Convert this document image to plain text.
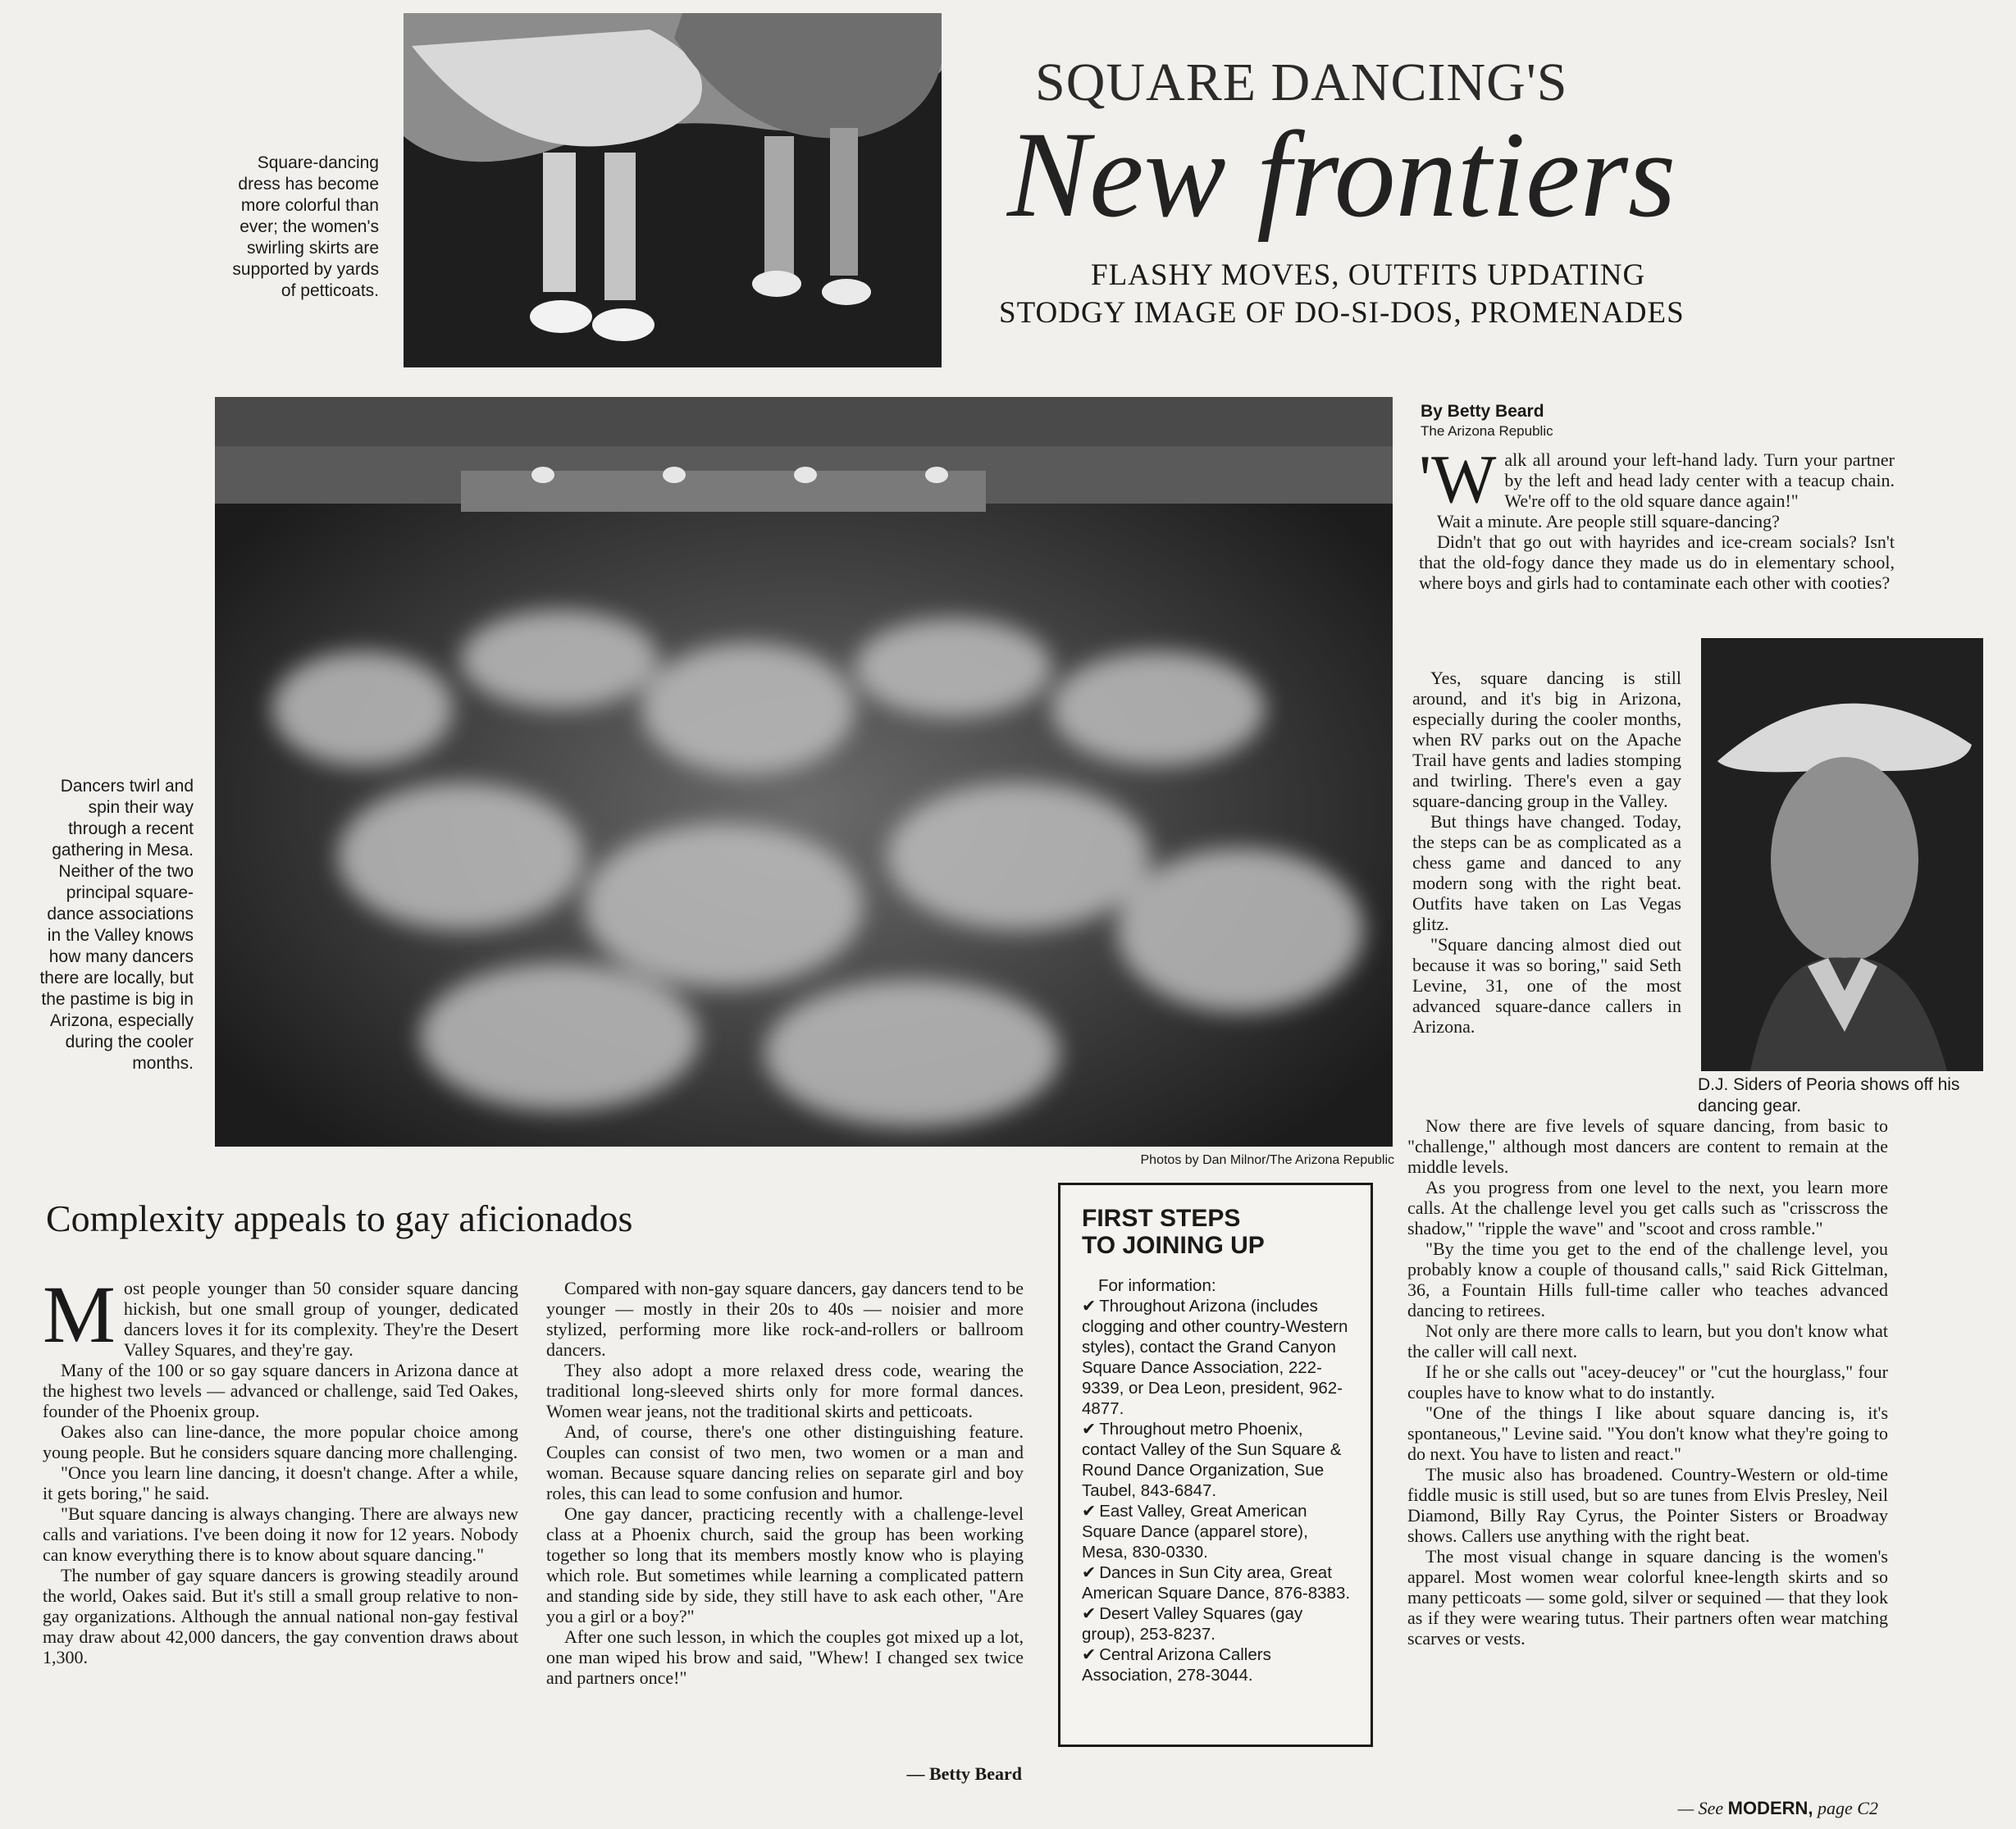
Square-dancing dress has become more colorful than ever; the women's swirling skirts are supported by yards of petticoats.
SQUARE DANCING'S
New frontiers
FLASHY MOVES, OUTFITS UPDATING
STODGY IMAGE OF DO-SI-DOS, PROMENADES
Dancers twirl and spin their way through a recent gathering in Mesa. Neither of the two principal square-dance associations in the Valley knows how many dancers there are locally, but the pastime is big in Arizona, especially during the cooler months.
Photos by Dan Milnor/The Arizona Republic
D.J. Siders of Peoria shows off his dancing gear.
By Betty Beard
The Arizona Republic

'Walk all around your left-hand lady. Turn your partner by the left and head lady center with a teacup chain. We're off to the old square dance again!"

Wait a minute. Are people still square-dancing?

Didn't that go out with hayrides and ice-cream socials? Isn't that the old-fogy dance they made us do in elementary school, where boys and girls had to contaminate each other with cooties?

Yes, square dancing is still around, and it's big in Arizona, especially during the cooler months, when RV parks out on the Apache Trail have gents and ladies stomping and twirling. There's even a gay square-dancing group in the Valley.

But things have changed. Today, the steps can be as complicated as a chess game and danced to any modern song with the right beat. Outfits have taken on Las Vegas glitz.

"Square dancing almost died out because it was so boring," said Seth Levine, 31, one of the most advanced square-dance callers in Arizona.

Now there are five levels of square dancing, from basic to "challenge," although most dancers are content to remain at the middle levels.

As you progress from one level to the next, you learn more calls. At the challenge level you get calls such as "crisscross the shadow," "ripple the wave" and "scoot and cross ramble."

"By the time you get to the end of the challenge level, you probably know a couple of thousand calls," said Rick Gittelman, 36, a Fountain Hills full-time caller who teaches advanced dancing to retirees.

Not only are there more calls to learn, but you don't know what the caller will call next.

If he or she calls out "acey-deucey" or "cut the hourglass," four couples have to know what to do instantly.

"One of the things I like about square dancing is, it's spontaneous," Levine said. "You don't know what they're going to do next. You have to listen and react."

The music also has broadened. Country-Western or old-time fiddle music is still used, but so are tunes from Elvis Presley, Neil Diamond, Billy Ray Cyrus, the Pointer Sisters or Broadway shows. Callers use anything with the right beat.

The most visual change in square dancing is the women's apparel. Most women wear colorful knee-length skirts and so many petticoats — some gold, silver or sequined — that they look as if they were wearing tutus. Their partners often wear matching scarves or vests.

— See MODERN, page C2
Complexity appeals to gay aficionados

Most people younger than 50 consider square dancing hickish, but one small group of younger, dedicated dancers loves it for its complexity. They're the Desert Valley Squares, and they're gay.

Many of the 100 or so gay square dancers in Arizona dance at the highest two levels — advanced or challenge, said Ted Oakes, founder of the Phoenix group.

Oakes also can line-dance, the more popular choice among young people. But he considers square dancing more challenging.

"Once you learn line dancing, it doesn't change. After a while, it gets boring," he said.

"But square dancing is always changing. There are always new calls and variations. I've been doing it now for 12 years. Nobody can know everything there is to know about square dancing."

The number of gay square dancers is growing steadily around the world, Oakes said. But it's still a small group relative to non-gay organizations. Although the annual national non-gay festival may draw about 42,000 dancers, the gay convention draws about 1,300.

Compared with non-gay square dancers, gay dancers tend to be younger — mostly in their 20s to 40s — noisier and more stylized, performing more like rock-and-rollers or ballroom dancers.

They also adopt a more relaxed dress code, wearing the traditional long-sleeved shirts only for more formal dances. Women wear jeans, not the traditional skirts and petticoats.

And, of course, there's one other distinguishing feature. Couples can consist of two men, two women or a man and woman. Because square dancing relies on separate girl and boy roles, this can lead to some confusion and humor.

One gay dancer, practicing recently with a challenge-level class at a Phoenix church, said the group has been working together so long that its members mostly know who is playing which role. But sometimes while learning a complicated pattern and standing side by side, they still have to ask each other, "Are you a girl or a boy?"

After one such lesson, in which the couples got mixed up a lot, one man wiped his brow and said, "Whew! I changed sex twice and partners once!"

— Betty Beard
FIRST STEPS
TO JOINING UP
For information:
✔ Throughout Arizona (includes clogging and other country-Western styles), contact the Grand Canyon Square Dance Association, 222-9339, or Dea Leon, president, 962-4877.
✔ Throughout metro Phoenix, contact Valley of the Sun Square & Round Dance Organization, Sue Taubel, 843-6847.
✔ East Valley, Great American Square Dance (apparel store), Mesa, 830-0330.
✔ Dances in Sun City area, Great American Square Dance, 876-8383.
✔ Desert Valley Squares (gay group), 253-8237.
✔ Central Arizona Callers Association, 278-3044.
